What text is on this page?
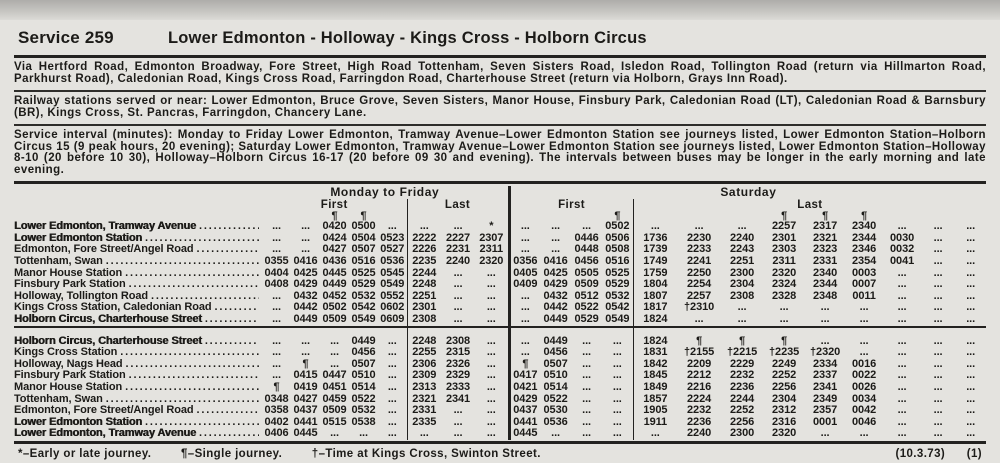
Service 259	Lower Edmonton - Holloway - Kings Cross - Holborn Circus

Via Hertford Road, Edmonton Broadway, Fore Street, High Road Tottenham, Seven Sisters Road, Isledon Road, Tollington Road (return via Hillmarton Road, Parkhurst Road), Caledonian Road, Kings Cross Road, Farringdon Road, Charterhouse Street (return via Holborn, Grays Inn Road).

Railway stations served or near: Lower Edmonton, Bruce Grove, Seven Sisters, Manor House, Finsbury Park, Caledonian Road (LT), Caledonian Road & Barnsbury (BR), Kings Cross, St. Pancras, Farringdon, Chancery Lane.

Service interval (minutes): Monday to Friday Lower Edmonton, Tramway Avenue–Lower Edmonton Station see journeys listed, Lower Edmonton Station–Holborn Circus 15 (9 peak hours, 20 evening); Saturday Lower Edmonton, Tramway Avenue–Lower Edmonton Station see journeys listed, Lower Edmonton Station–Holloway 8-10 (20 before 10 30), Holloway–Holborn Circus 16-17 (20 before 09 30 and evening). The intervals between buses may be longer in the early morning and late evening.

	Monday to Friday								Saturday												
	First					Last			First				Last								

		¶	¶								¶				¶	¶	¶			

Lower Edmonton, Tramway Avenue .....	...	...	0420	0500	...	...	...	*	...	...	...	0502	...	...	...	2257	2317	2340	...	...	...

Lower Edmonton Station .....	...	...	0424	0504	0523	2222	2227	2307	...	...	0446	0506	1736	2230	2240	2301	2321	2344	0030	...	...

Edmonton, Fore Street/Angel Road .....	...	...	0427	0507	0527	2226	2231	2311	...	...	0448	0508	1739	2233	2243	2303	2323	2346	0032	...	...

Tottenham, Swan .....	0355	0416	0436	0516	0536	2235	2240	2320	0356	0416	0456	0516	1749	2241	2251	2311	2331	2354	0041	...	...

Manor House Station .....	0404	0425	0445	0525	0545	2244	...	...	0405	0425	0505	0525	1759	2250	2300	2320	2340	0003	...	...	...

Finsbury Park Station .....	0408	0429	0449	0529	0549	2248	...	...	0409	0429	0509	0529	1804	2254	2304	2324	2344	0007	...	...	...

Holloway, Tollington Road .....	...	0432	0452	0532	0552	2251	...	...	...	0432	0512	0532	1807	2257	2308	2328	2348	0011	...	...	...

Kings Cross Station, Caledonian Road .....	...	0442	0502	0542	0602	2301	...	...	...	0442	0522	0542	1817	†2310	...	...	...	...	...	...	...

Holborn Circus, Charterhouse Street .....	...	0449	0509	0549	0609	2308	...	...	...	0449	0529	0549	1824	...	...	...	...	...	...	...	...

Holborn Circus, Charterhouse Street .....	...	...	...	0449	...	2248	2308	...	...	0449	...	...	1824	¶	¶	¶	...	...	...	...	...

Kings Cross Station .....	...	...	...	0456	...	2255	2315	...	...	0456	...	...	1831	†2155	†2215	†2235	†2320	...	...	...	...

Holloway, Nags Head .....	...	¶	...	0507	...	2306	2326	...	¶	0507	...	...	1842	2209	2229	2249	2334	0016	...	...	...

Finsbury Park Station .....	...	0415	0447	0510	...	2309	2329	...	0417	0510	...	...	1845	2212	2232	2252	2337	0022	...	...	...

Manor House Station .....	¶	0419	0451	0514	...	2313	2333	...	0421	0514	...	...	1849	2216	2236	2256	2341	0026	...	...	...

Tottenham, Swan .....	0348	0427	0459	0522	...	2321	2341	...	0429	0522	...	...	1857	2224	2244	2304	2349	0034	...	...	...

Edmonton, Fore Street/Angel Road .....	0358	0437	0509	0532	...	2331	...	...	0437	0530	...	...	1905	2232	2252	2312	2357	0042	...	...	...

Lower Edmonton Station .....	0402	0441	0515	0538	...	2335	...	...	0441	0536	...	...	1911	2236	2256	2316	0001	0046	...	...	...

Lower Edmonton, Tramway Avenue .....	0406	0445	...	...	...	...	...	...	0445	...	...	...	...	2240	2300	2320	...	...	...	...	...
*–Early or late journey.	¶–Single journey.	†–Time at Kings Cross, Swinton Street.	(10.3.73) (1)
